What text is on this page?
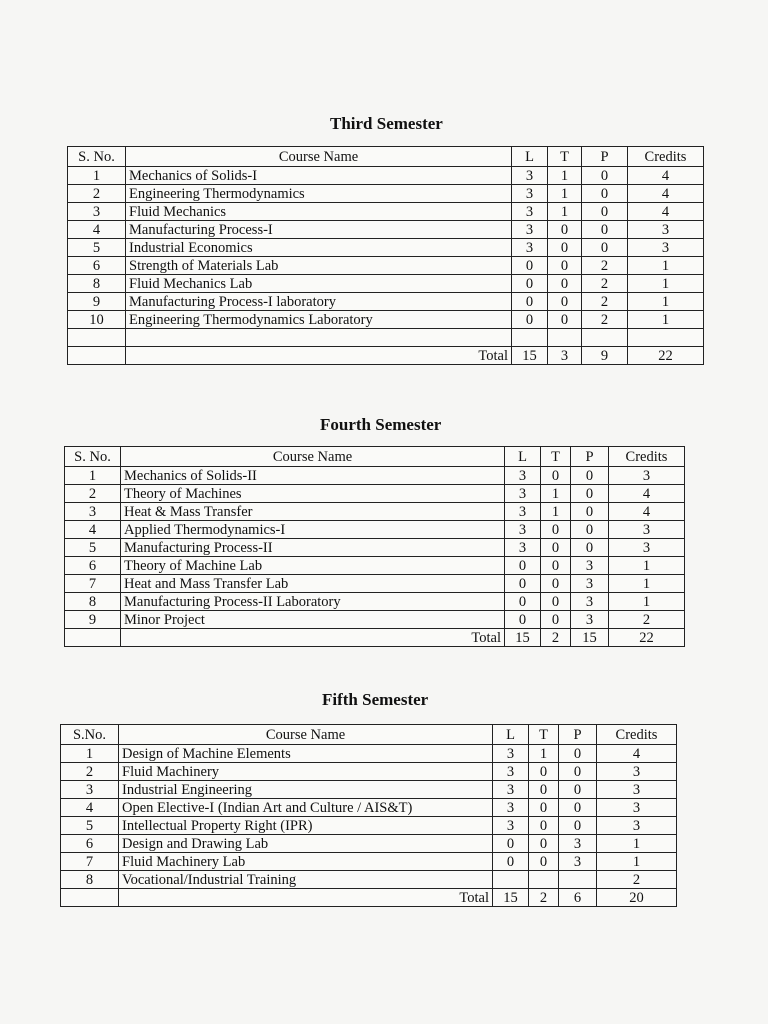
Third Semester
S. No.	Course Name	L	T	P	Credits
1	Mechanics of Solids-I	3	1	0	4
2	Engineering Thermodynamics	3	1	0	4
3	Fluid Mechanics	3	1	0	4
4	Manufacturing Process-I	3	0	0	3
5	Industrial Economics	3	0	0	3
6	Strength of Materials Lab	0	0	2	1
8	Fluid Mechanics Lab	0	0	2	1
9	Manufacturing Process-I laboratory	0	0	2	1
10	Engineering Thermodynamics Laboratory	0	0	2	1

	Total	15	3	9	22
Fourth Semester
S. No.	Course Name	L	T	P	Credits
1	Mechanics of Solids-II	3	0	0	3
2	Theory of Machines	3	1	0	4
3	Heat & Mass Transfer	3	1	0	4
4	Applied Thermodynamics-I	3	0	0	3
5	Manufacturing Process-II	3	0	0	3
6	Theory of Machine Lab	0	0	3	1
7	Heat and Mass Transfer Lab	0	0	3	1
8	Manufacturing Process-II Laboratory	0	0	3	1
9	Minor Project	0	0	3	2
	Total	15	2	15	22
Fifth Semester
S.No.	Course Name	L	T	P	Credits
1	Design of Machine Elements	3	1	0	4
2	Fluid Machinery	3	0	0	3
3	Industrial Engineering	3	0	0	3
4	Open Elective-I (Indian Art and Culture / AIS&T)	3	0	0	3
5	Intellectual Property Right (IPR)	3	0	0	3
6	Design and Drawing Lab	0	0	3	1
7	Fluid Machinery Lab	0	0	3	1
8	Vocational/Industrial Training				2
	Total	15	2	6	20
